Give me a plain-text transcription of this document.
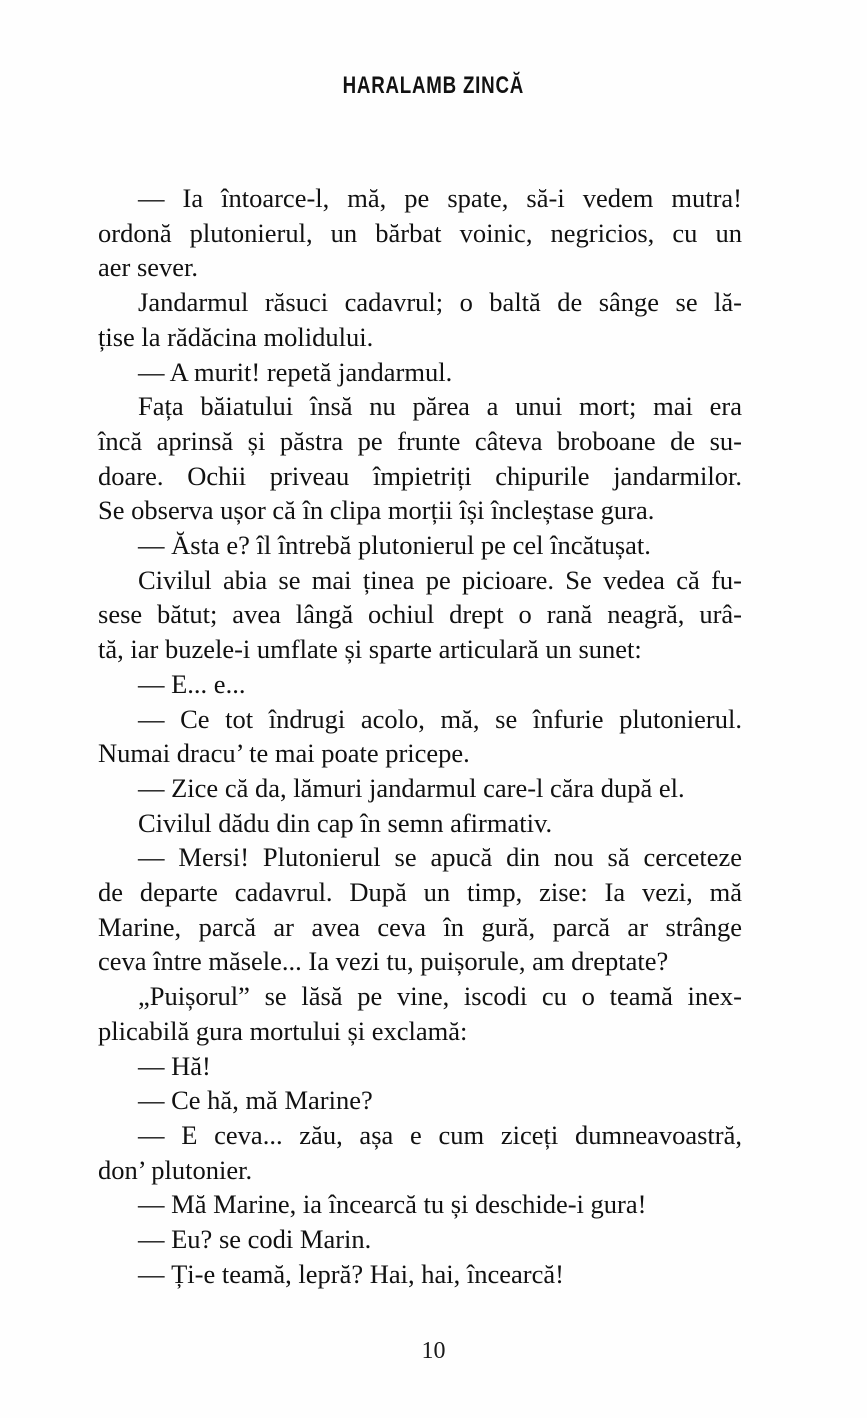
HARALAMB ZINCĂ
— Ia întoarce-l, mă, pe spate, să-i vedem mutra!
ordonă plutonierul, un bărbat voinic, negricios, cu un
aer sever.
Jandarmul răsuci cadavrul; o baltă de sânge se lă-
țise la rădăcina molidului.
— A murit! repetă jandarmul.
Fața băiatului însă nu părea a unui mort; mai era
încă aprinsă și păstra pe frunte câteva broboane de su-
doare. Ochii priveau împietriți chipurile jandarmilor.
Se observa ușor că în clipa morții își încleștase gura.
— Ăsta e? îl întrebă plutonierul pe cel încătușat.
Civilul abia se mai ținea pe picioare. Se vedea că fu-
sese bătut; avea lângă ochiul drept o rană neagră, urâ-
tă, iar buzele-i umflate și sparte articulară un sunet:
— E... e...
— Ce tot îndrugi acolo, mă, se înfurie plutonierul.
Numai dracu’ te mai poate pricepe.
— Zice că da, lămuri jandarmul care-l căra după el.
Civilul dădu din cap în semn afirmativ.
— Mersi! Plutonierul se apucă din nou să cerceteze
de departe cadavrul. După un timp, zise: Ia vezi, mă
Marine, parcă ar avea ceva în gură, parcă ar strânge
ceva între măsele... Ia vezi tu, puișorule, am dreptate?
„Puișorul” se lăsă pe vine, iscodi cu o teamă inex-
plicabilă gura mortului și exclamă:
— Hă!
— Ce hă, mă Marine?
— E ceva... zău, așa e cum ziceți dumneavoastră,
don’ plutonier.
— Mă Marine, ia încearcă tu și deschide-i gura!
— Eu? se codi Marin.
— Ți-e teamă, lepră? Hai, hai, încearcă!
10
